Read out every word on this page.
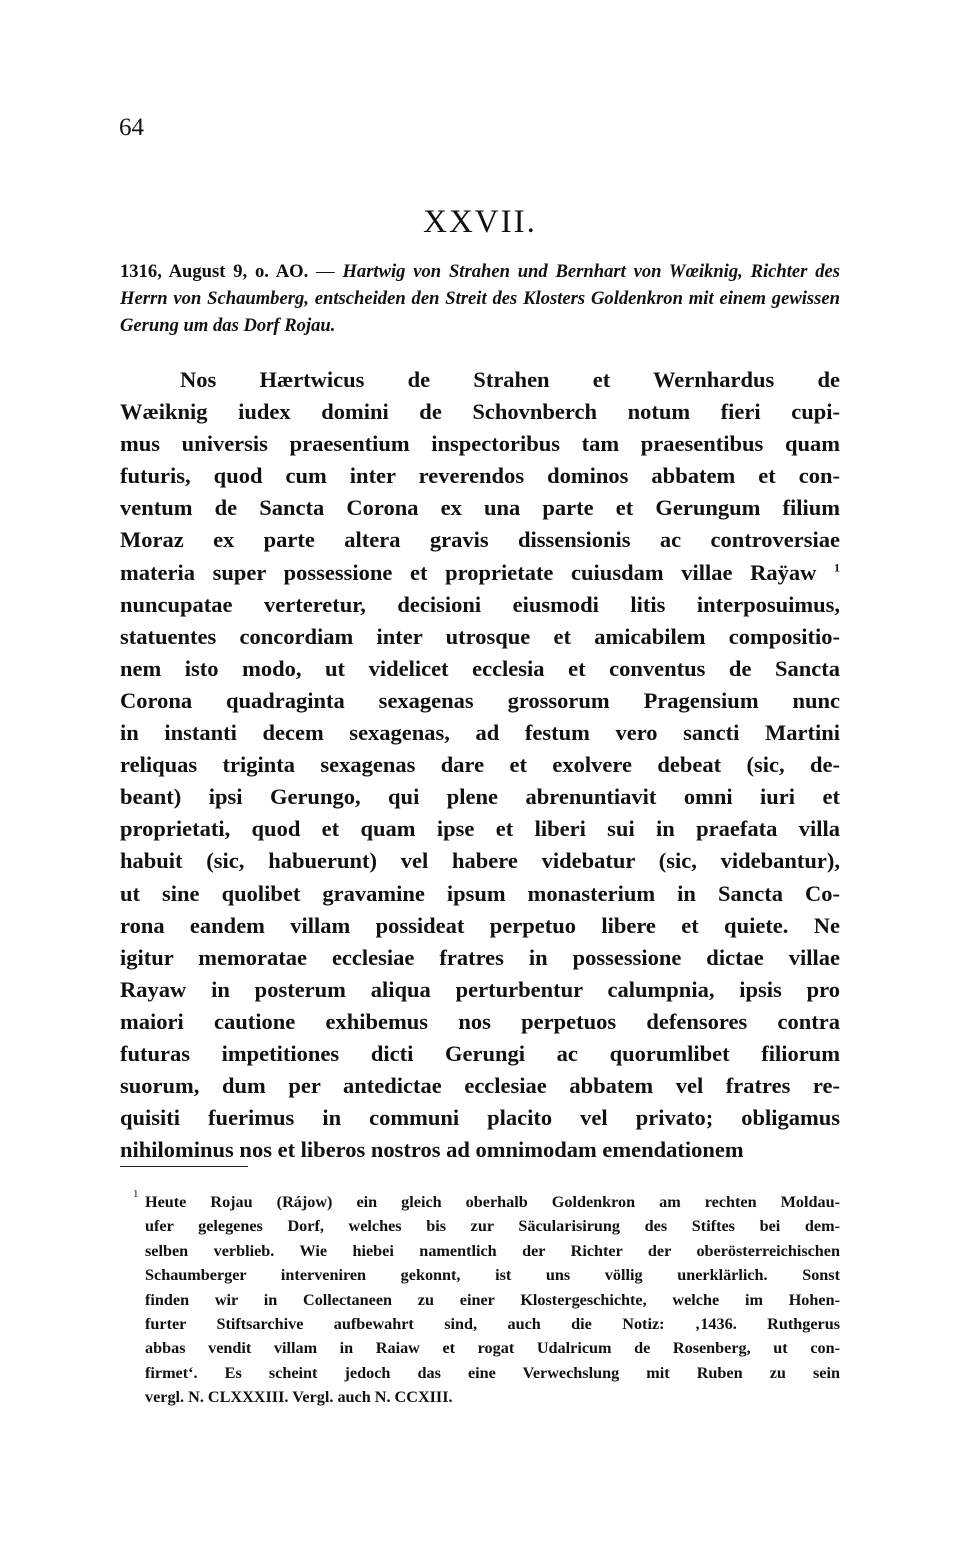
64
XXVII.
1316, August 9, o. AO. — Hartwig von Strahen und Bernhart von Wœiknig, Richter des Herrn von Schaumberg, entscheiden den Streit des Klosters Goldenkron mit einem gewissen Gerung um das Dorf Rojau.
Nos Hærtwicus de Strahen et Wernhardus de
Wæiknig iudex domini de Schovnberch notum fieri cupi-
mus universis praesentium inspectoribus tam praesentibus quam
futuris, quod cum inter reverendos dominos abbatem et con-
ventum de Sancta Corona ex una parte et Gerungum filium
Moraz ex parte altera gravis dissensionis ac controversiae
materia super possessione et proprietate cuiusdam villae Raÿaw $^1$
nuncupatae verteretur, decisioni eiusmodi litis interposuimus,
statuentes concordiam inter utrosque et amicabilem compositio-
nem isto modo, ut videlicet ecclesia et conventus de Sancta
Corona quadraginta sexagenas grossorum Pragensium nunc
in instanti decem sexagenas, ad festum vero sancti Martini
reliquas triginta sexagenas dare et exolvere debeat (sic, de-
beant) ipsi Gerungo, qui plene abrenuntiavit omni iuri et
proprietati, quod et quam ipse et liberi sui in praefata villa
habuit (sic, habuerunt) vel habere videbatur (sic, videbantur),
ut sine quolibet gravamine ipsum monasterium in Sancta Co-
rona eandem villam possideat perpetuo libere et quiete. Ne
igitur memoratae ecclesiae fratres in possessione dictae villae
Rayaw in posterum aliqua perturbentur calumpnia, ipsis pro
maiori cautione exhibemus nos perpetuos defensores contra
futuras impetitiones dicti Gerungi ac quorumlibet filiorum
suorum, dum per antedictae ecclesiae abbatem vel fratres re-
quisiti fuerimus in communi placito vel privato; obligamus
nihilominus nos et liberos nostros ad omnimodam emendationem
1 Heute Rojau (Rájow) ein gleich oberhalb Goldenkron am rechten Moldau-
ufer gelegenes Dorf, welches bis zur Säcularisirung des Stiftes bei dem-
selben verblieb. Wie hiebei namentlich der Richter der oberösterreichischen
Schaumberger interveniren gekonnt, ist uns völlig unerklärlich. Sonst
finden wir in Collectaneen zu einer Klostergeschichte, welche im Hohen-
furter Stiftsarchive aufbewahrt sind, auch die Notiz: ‚1436. Ruthgerus
abbas vendit villam in Raiaw et rogat Udalricum de Rosenberg, ut con-
firmet‘. Es scheint jedoch das eine Verwechslung mit Ruben zu sein
vergl. N. CLXXXIII. Vergl. auch N. CCXIII.
